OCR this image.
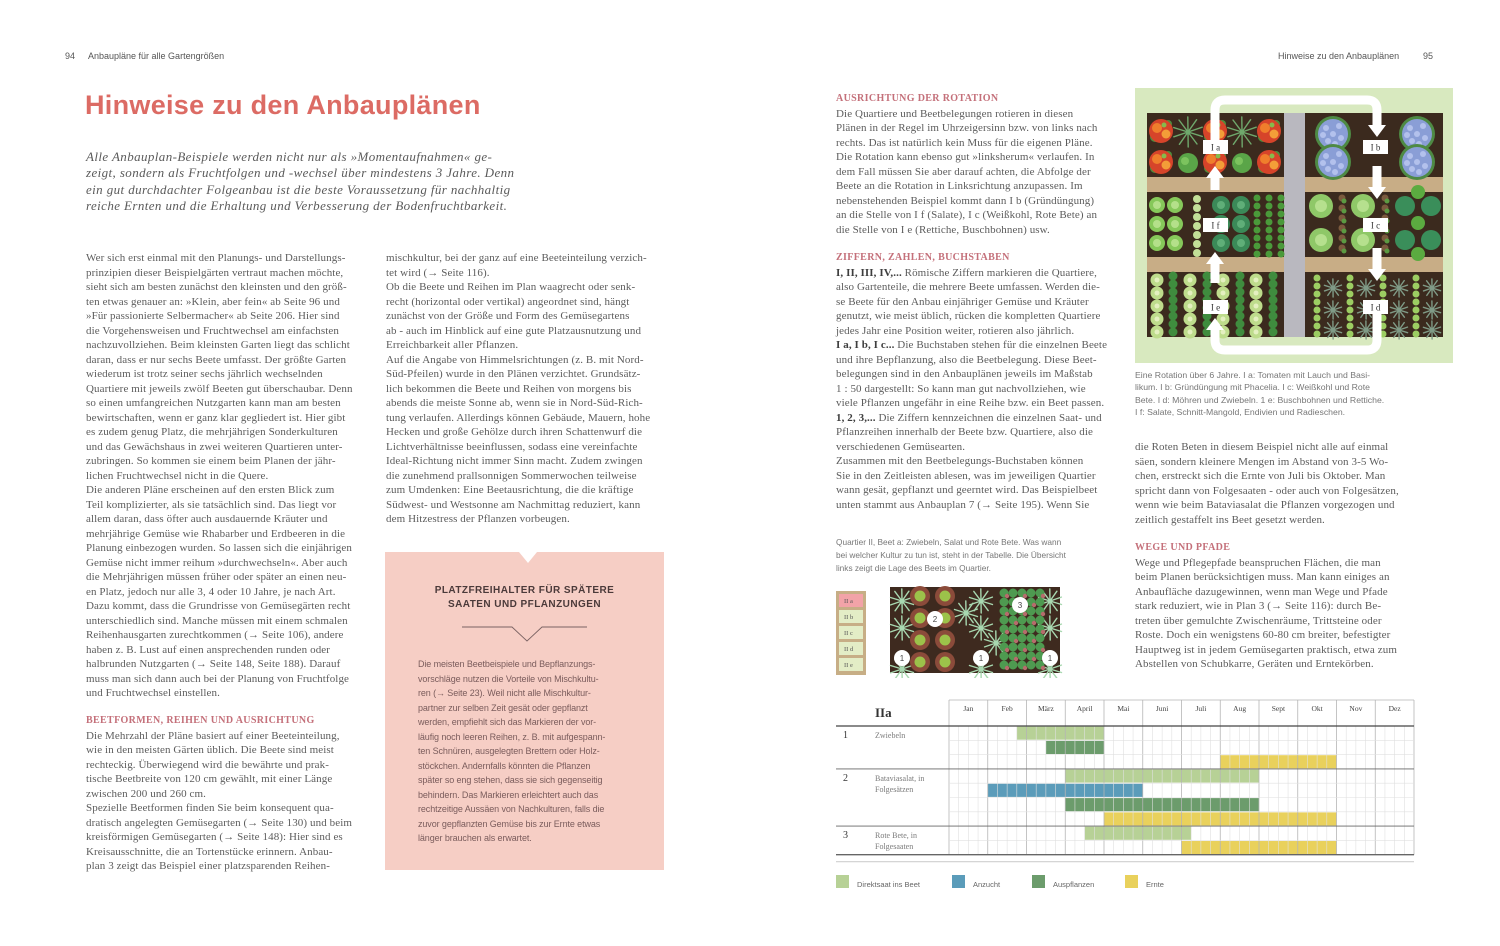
94 Anbaupläne für alle Gartengrößen
Hinweise zu den Anbauplänen
Alle Anbauplan-Beispiele werden nicht nur als »Momentaufnahmen« ge-
zeigt, sondern als Fruchtfolgen und -wechsel über mindestens 3 Jahre. Denn
ein gut durchdachter Folgeanbau ist die beste Voraussetzung für nachhaltig
reiche Ernten und die Erhaltung und Verbesserung der Bodenfruchtbarkeit.
Wer sich erst einmal mit den Planungs- und Darstellungs-
prinzipien dieser Beispielgärten vertraut machen möchte,
sieht sich am besten zunächst den kleinsten und den größ-
ten etwas genauer an: »Klein, aber fein« ab Seite 96 und
»Für passionierte Selbermacher« ab Seite 206. Hier sind
die Vorgehensweisen und Fruchtwechsel am einfachsten
nachzuvollziehen. Beim kleinsten Garten liegt das schlicht
daran, dass er nur sechs Beete umfasst. Der größte Garten
wiederum ist trotz seiner sechs jährlich wechselnden
Quartiere mit jeweils zwölf Beeten gut überschaubar. Denn
so einen umfangreichen Nutzgarten kann man am besten
bewirtschaften, wenn er ganz klar gegliedert ist. Hier gibt
es zudem genug Platz, die mehrjährigen Sonderkulturen
und das Gewächshaus in zwei weiteren Quartieren unter-
zubringen. So kommen sie einem beim Planen der jähr-
lichen Fruchtwechsel nicht in die Quere.
Die anderen Pläne erscheinen auf den ersten Blick zum
Teil komplizierter, als sie tatsächlich sind. Das liegt vor
allem daran, dass öfter auch ausdauernde Kräuter und
mehrjährige Gemüse wie Rhabarber und Erdbeeren in die
Planung einbezogen wurden. So lassen sich die einjährigen
Gemüse nicht immer reihum »durchwechseln«. Aber auch
die Mehrjährigen müssen früher oder später an einen neu-
en Platz, jedoch nur alle 3, 4 oder 10 Jahre, je nach Art.
Dazu kommt, dass die Grundrisse von Gemüsegärten recht
unterschiedlich sind. Manche müssen mit einem schmalen
Reihenhausgarten zurechtkommen (→ Seite 106), andere
haben z. B. Lust auf einen ansprechenden runden oder
halbrunden Nutzgarten (→ Seite 148, Seite 188). Darauf
muss man sich dann auch bei der Planung von Fruchtfolge
und Fruchtwechsel einstellen.
BEETFORMEN, REIHEN UND AUSRICHTUNG
Die Mehrzahl der Pläne basiert auf einer Beeteinteilung,
wie in den meisten Gärten üblich. Die Beete sind meist
rechteckig. Überwiegend wird die bewährte und prak-
tische Beetbreite von 120 cm gewählt, mit einer Länge
zwischen 200 und 260 cm.
Spezielle Beetformen finden Sie beim konsequent qua-
dratisch angelegten Gemüsegarten (→ Seite 130) und beim
kreisförmigen Gemüsegarten (→ Seite 148): Hier sind es
Kreisausschnitte, die an Tortenstücke erinnern. Anbau-
plan 3 zeigt das Beispiel einer platzsparenden Reihen-
mischkultur, bei der ganz auf eine Beeteinteilung verzich-
tet wird (→ Seite 116).
Ob die Beete und Reihen im Plan waagrecht oder senk-
recht (horizontal oder vertikal) angeordnet sind, hängt
zunächst von der Größe und Form des Gemüsegartens
ab - auch im Hinblick auf eine gute Platzausnutzung und
Erreichbarkeit aller Pflanzen.
Auf die Angabe von Himmelsrichtungen (z. B. mit Nord-
Süd-Pfeilen) wurde in den Plänen verzichtet. Grundsätz-
lich bekommen die Beete und Reihen von morgens bis
abends die meiste Sonne ab, wenn sie in Nord-Süd-Rich-
tung verlaufen. Allerdings können Gebäude, Mauern, hohe
Hecken und große Gehölze durch ihren Schattenwurf die
Lichtverhältnisse beeinflussen, sodass eine vereinfachte
Ideal-Richtung nicht immer Sinn macht. Zudem zwingen
die zunehmend prallsonnigen Sommerwochen teilweise
zum Umdenken: Eine Beetausrichtung, die die kräftige
Südwest- und Westsonne am Nachmittag reduziert, kann
dem Hitzestress der Pflanzen vorbeugen.
PLATZFREIHALTER FÜR SPÄTERE
SAATEN UND PFLANZUNGEN
Die meisten Beetbeispiele und Bepflanzungs-
vorschläge nutzen die Vorteile von Mischkultu-
ren (→ Seite 23). Weil nicht alle Mischkultur-
partner zur selben Zeit gesät oder gepflanzt
werden, empfiehlt sich das Markieren der vor-
läufig noch leeren Reihen, z. B. mit aufgespann-
ten Schnüren, ausgelegten Brettern oder Holz-
stöckchen. Andernfalls könnten die Pflanzen
später so eng stehen, dass sie sich gegenseitig
behindern. Das Markieren erleichtert auch das
rechtzeitige Aussäen von Nachkulturen, falls die
zuvor gepflanzten Gemüse bis zur Ernte etwas
länger brauchen als erwartet.
Hinweise zu den Anbauplänen	95
AUSRICHTUNG DER ROTATION
Die Quartiere und Beetbelegungen rotieren in diesen
Plänen in der Regel im Uhrzeigersinn bzw. von links nach
rechts. Das ist natürlich kein Muss für die eigenen Pläne.
Die Rotation kann ebenso gut »linksherum« verlaufen. In
dem Fall müssen Sie aber darauf achten, die Abfolge der
Beete an die Rotation in Linksrichtung anzupassen. Im
nebenstehenden Beispiel kommt dann I b (Gründüngung)
an die Stelle von I f (Salate), I c (Weißkohl, Rote Bete) an
die Stelle von I e (Rettiche, Buschbohnen) usw.
ZIFFERN, ZAHLEN, BUCHSTABEN
I, II, III, IV,... Römische Ziffern markieren die Quartiere,
also Gartenteile, die mehrere Beete umfassen. Werden die-
se Beete für den Anbau einjähriger Gemüse und Kräuter
genutzt, wie meist üblich, rücken die kompletten Quartiere
jedes Jahr eine Position weiter, rotieren also jährlich.
I a, I b, I c... Die Buchstaben stehen für die einzelnen Beete
und ihre Bepflanzung, also die Beetbelegung. Diese Beet-
belegungen sind in den Anbauplänen jeweils im Maßstab
1 : 50 dargestellt: So kann man gut nachvollziehen, wie
viele Pflanzen ungefähr in eine Reihe bzw. ein Beet passen.
1, 2, 3,... Die Ziffern kennzeichnen die einzelnen Saat- und
Pflanzreihen innerhalb der Beete bzw. Quartiere, also die
verschiedenen Gemüsearten.
Zusammen mit den Beetbelegungs-Buchstaben können
Sie in den Zeitleisten ablesen, was im jeweiligen Quartier
wann gesät, gepflanzt und geerntet wird. Das Beispielbeet
unten stammt aus Anbauplan 7 (→ Seite 195). Wenn Sie
Quartier II, Beet a: Zwiebeln, Salat und Rote Bete. Was wann
bei welcher Kultur zu tun ist, steht in der Tabelle. Die Übersicht
links zeigt die Lage des Beets im Quartier.
II a
II b
II c
II d
II e
2
3
1	1	1
1	Zwiebeln
2	Bataviasalat, in
Folgesätzen
3	Rote Bete, in
Folgesaaten
IIa	Jan	Feb	März	April	Mai	Juni	Juli	Aug	Sept	Okt	Nov	Dez
Direktsaat ins Beet	Anzucht	Auspflanzen	Ernte
I a	I b
I f	I c
I e	I d
Eine Rotation über 6 Jahre. I a: Tomaten mit Lauch und Basi-
likum. I b: Gründüngung mit Phacelia. I c: Weißkohl und Rote
Bete. I d: Möhren und Zwiebeln. 1 e: Buschbohnen und Rettiche.
I f: Salate, Schnitt-Mangold, Endivien und Radieschen.
die Roten Beten in diesem Beispiel nicht alle auf einmal
säen, sondern kleinere Mengen im Abstand von 3-5 Wo-
chen, erstreckt sich die Ernte von Juli bis Oktober. Man
spricht dann von Folgesaaten - oder auch von Folgesätzen,
wenn wie beim Bataviasalat die Pflanzen vorgezogen und
zeitlich gestaffelt ins Beet gesetzt werden.
WEGE UND PFADE
Wege und Pflegepfade beanspruchen Flächen, die man
beim Planen berücksichtigen muss. Man kann einiges an
Anbaufläche dazugewinnen, wenn man Wege und Pfade
stark reduziert, wie in Plan 3 (→ Seite 116): durch Be-
treten über gemulchte Zwischenräume, Trittsteine oder
Roste. Doch ein wenigstens 60-80 cm breiter, befestigter
Hauptweg ist in jedem Gemüsegarten praktisch, etwa zum
Abstellen von Schubkarre, Geräten und Erntekörben.
